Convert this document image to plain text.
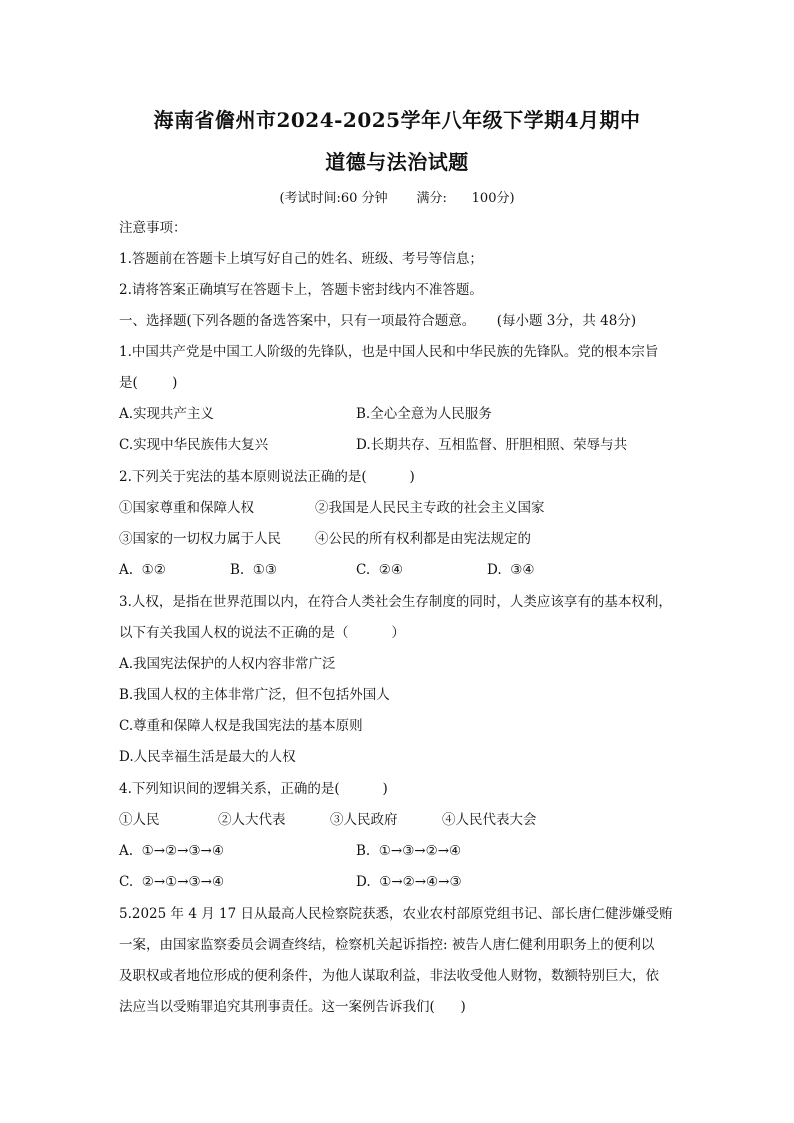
海南省儋州市2024-2025学年八年级下学期4月期中
道德与法治试题
(考试时间:60 分钟       满分:      100分)
注意事项：
1.答题前在答题卡上填写好自己的姓名、班级、考号等信息；
2.请将答案正确填写在答题卡上，答题卡密封线内不准答题。
一、选择题(下列各题的备选答案中，只有一项最符合题意。     (每小题 3分，共 48分)
1.中国共产党是中国工人阶级的先锋队，也是中国人民和中华民族的先锋队。党的根本宗旨
是(        )
A.实现共产主义	B.全心全意为人民服务
C.实现中华民族伟大复兴	D.长期共存、互相监督、肝胆相照、荣辱与共
2.下列关于宪法的基本原则说法正确的是(          )
①国家尊重和保障人权	②我国是人民民主专政的社会主义国家
③国家的一切权力属于人民	④公民的所有权利都是由宪法规定的
A.  ①②	B.  ①③	C.  ②④	D.  ③④
3.人权，是指在世界范围以内，在符合人类社会生存制度的同时，人类应该享有的基本权利，
以下有关我国人权的说法不正确的是（          ）
A.我国宪法保护的人权内容非常广泛
B.我国人权的主体非常广泛，但不包括外国人
C.尊重和保障人权是我国宪法的基本原则
D.人民幸福生活是最大的人权
4.下列知识间的逻辑关系，正确的是(          )
①人民	②人大代表	③人民政府	④人民代表大会
A.  ①→②→③→④	B.  ①→③→②→④
C.  ②→①→③→④	D.  ①→②→④→③
5.2025 年 4 月 17 日从最高人民检察院获悉，农业农村部原党组书记、部长唐仁健涉嫌受贿
一案，由国家监察委员会调查终结，检察机关起诉指控: 被告人唐仁健利用职务上的便利以
及职权或者地位形成的便利条件，为他人谋取利益，非法收受他人财物，数额特别巨大，依
法应当以受贿罪追究其刑事责任。这一案例告诉我们(      )
